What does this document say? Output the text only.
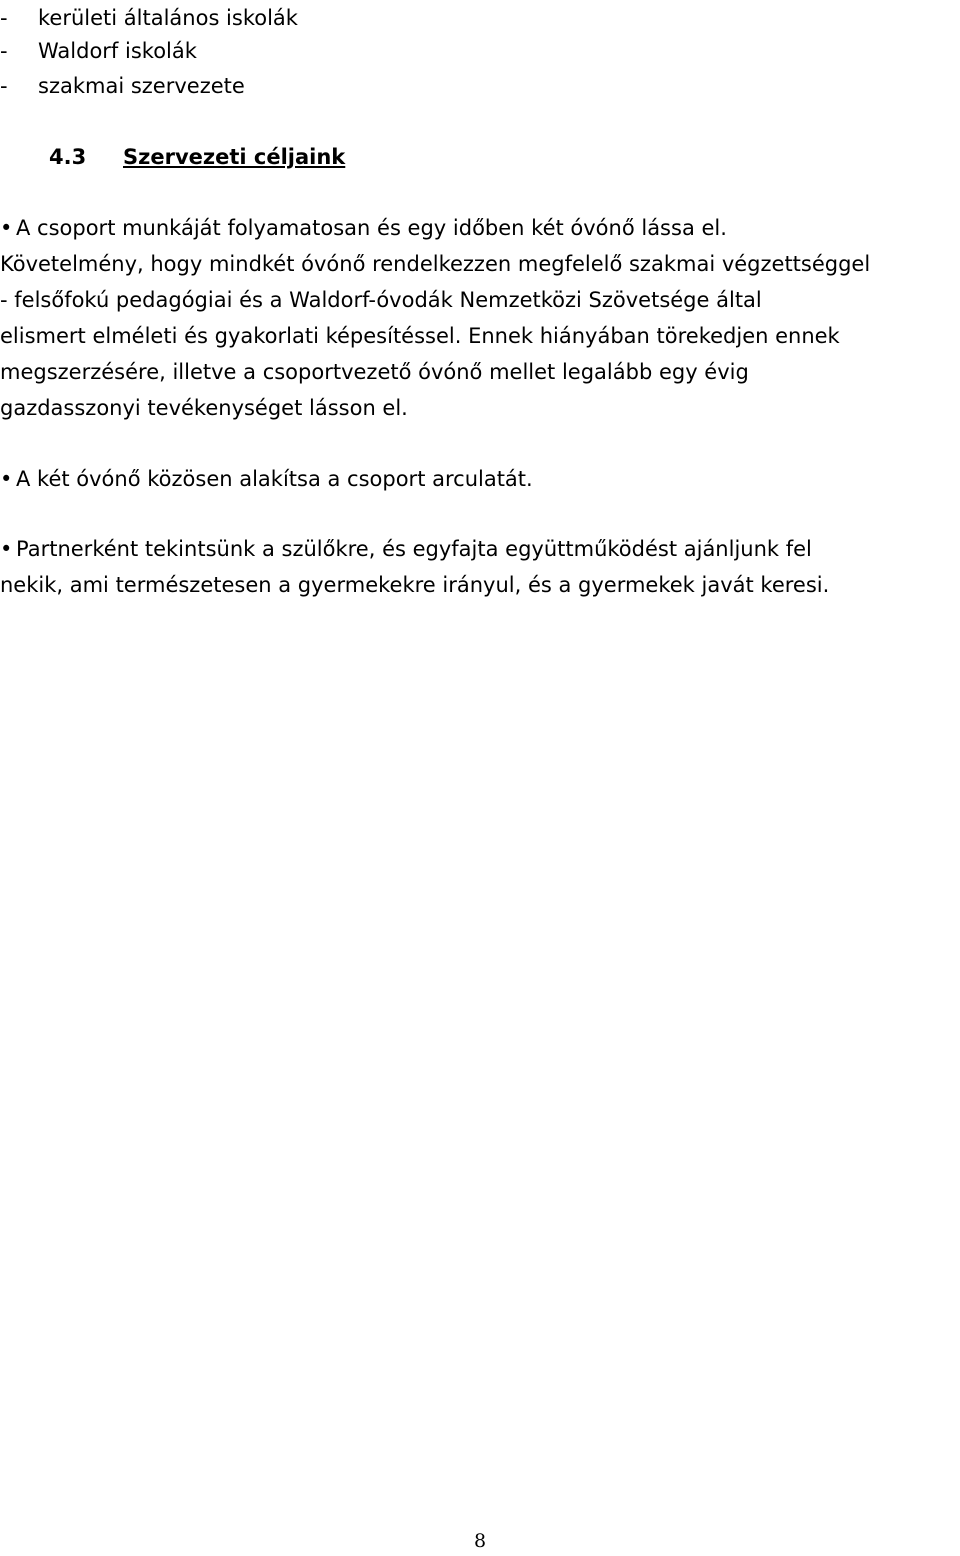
- kerületi általános iskolák
- Waldorf iskolák
- szakmai szervezete
4.3 Szervezeti céljaink
• A csoport munkáját folyamatosan és egy időben két óvónő lássa el.
Követelmény, hogy mindkét óvónő rendelkezzen megfelelő szakmai végzettséggel
- felsőfokú pedagógiai és a Waldorf-óvodák Nemzetközi Szövetsége által
elismert elméleti és gyakorlati képesítéssel. Ennek hiányában törekedjen ennek
megszerzésére, illetve a csoportvezető óvónő mellet legalább egy évig
gazdasszonyi tevékenységet lásson el.
• A két óvónő közösen alakítsa a csoport arculatát.
• Partnerként tekintsünk a szülőkre, és egyfajta együttműködést ajánljunk fel
nekik, ami természetesen a gyermekekre irányul, és a gyermekek javát keresi.
8
